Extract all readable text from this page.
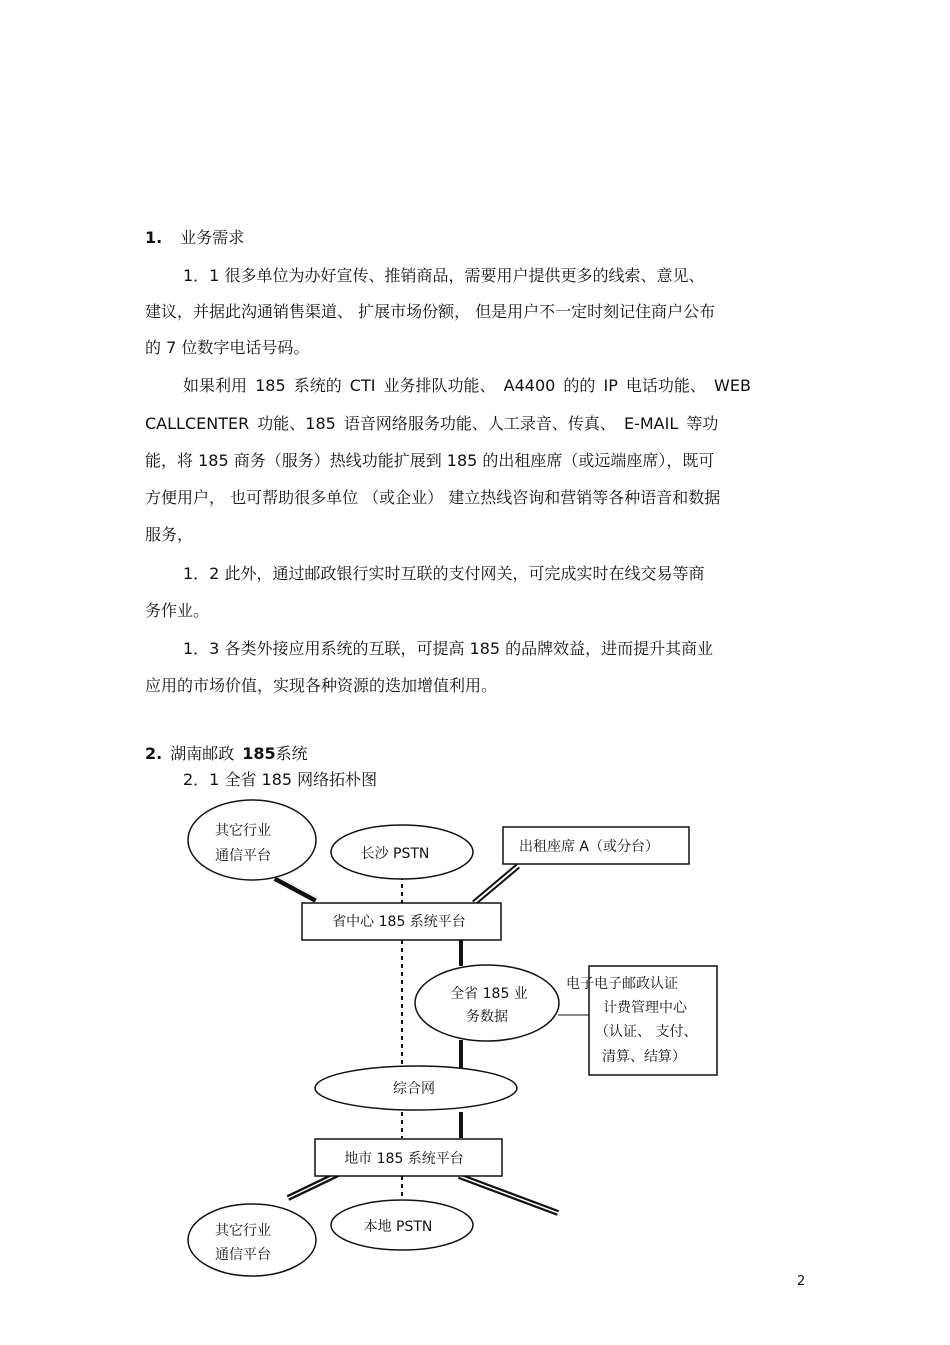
1. 业务需求
1．1 很多单位为办好宣传、推销商品，需要用户提供更多的线索、意见、
建议，并据此沟通销售渠道、 扩展市场份额， 但是用户不一定时刻记住商户公布
的 7 位数字电话号码。
如果利用 185 系统的 CTI 业务排队功能、 A4400 的的 IP 电话功能、 WEB
CALLCENTER 功能、185 语音网络服务功能、人工录音、传真、 E-MAIL 等功
能，将 185 商务（服务）热线功能扩展到 185 的出租座席（或远端座席），既可
方便用户， 也可帮助很多单位 （或企业） 建立热线咨询和营销等各种语音和数据
服务，
1．2 此外，通过邮政银行实时互联的支付网关，可完成实时在线交易等商
务作业。
1．3 各类外接应用系统的互联，可提高 185 的品牌效益，进而提升其商业
应用的市场价值，实现各种资源的迭加增值利用。
2. 湖南邮政 185系统
2．1 全省 185 网络拓朴图
其它行业
通信平台	长沙 PSTN	出租座席 A（或分台）
省中心 185 系统平台
全省 185 业
务数据
电子电子邮政认证
计费管理中心
（认证、 支付、
清算、结算）
综合网
地市 185 系统平台
其它行业
通信平台
本地 PSTN
2
